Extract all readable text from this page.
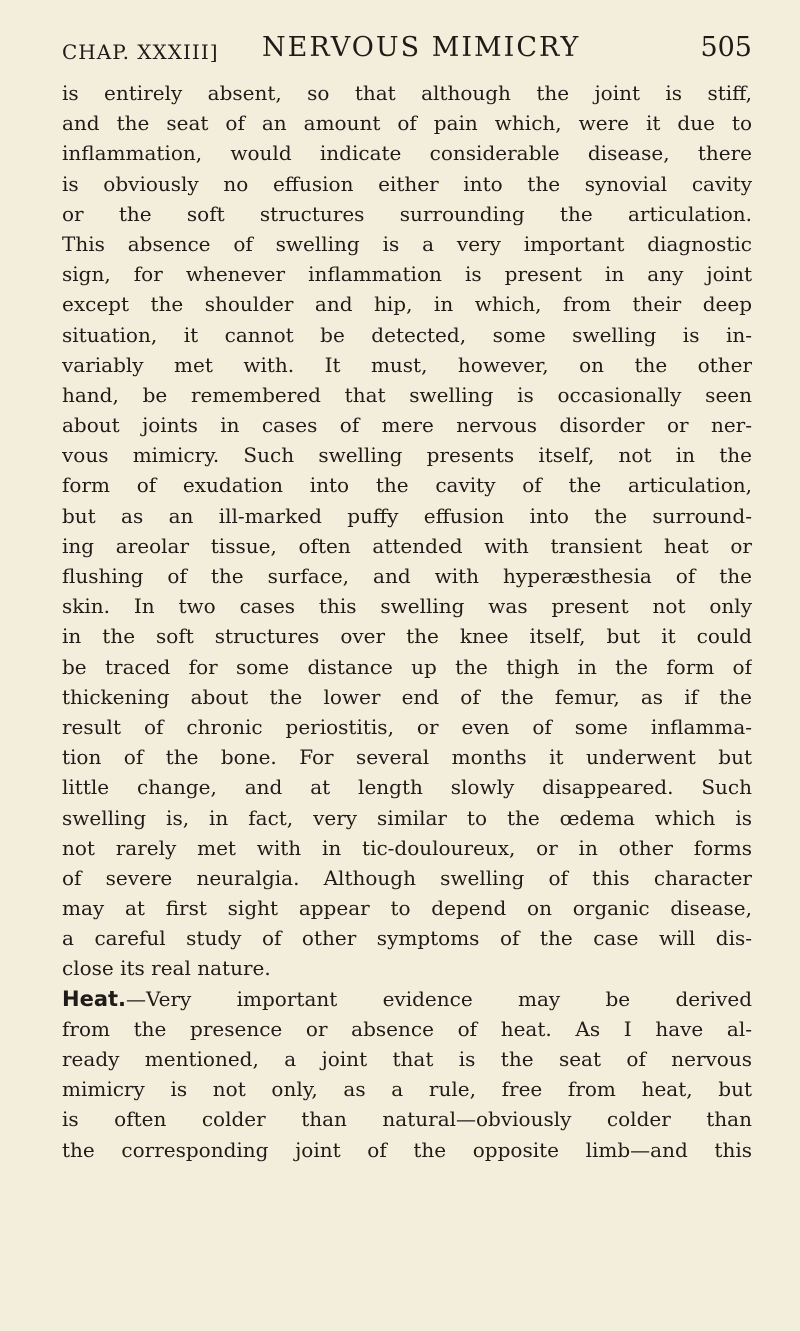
CHAP. XXXIII] NERVOUS MIMICRY	505
is entirely absent, so that although the joint is stiff,
and the seat of an amount of pain which, were it due to
inflammation, would indicate considerable disease, there
is obviously no effusion either into the synovial cavity
or the soft structures surrounding the articulation.
This absence of swelling is a very important diagnostic
sign, for whenever inflammation is present in any joint
except the shoulder and hip, in which, from their deep
situation, it cannot be detected, some swelling is in-
variably met with. It must, however, on the other
hand, be remembered that swelling is occasionally seen
about joints in cases of mere nervous disorder or ner-
vous mimicry. Such swelling presents itself, not in the
form of exudation into the cavity of the articulation,
but as an ill-marked puffy effusion into the surround-
ing areolar tissue, often attended with transient heat or
flushing of the surface, and with hyperæsthesia of the
skin. In two cases this swelling was present not only
in the soft structures over the knee itself, but it could
be traced for some distance up the thigh in the form of
thickening about the lower end of the femur, as if the
result of chronic periostitis, or even of some inflamma-
tion of the bone. For several months it underwent but
little change, and at length slowly disappeared. Such
swelling is, in fact, very similar to the œdema which is
not rarely met with in tic-douloureux, or in other forms
of severe neuralgia. Although swelling of this character
may at first sight appear to depend on organic disease,
a careful study of other symptoms of the case will dis-
close its real nature.
Heat.—Very important evidence may be derived
from the presence or absence of heat. As I have al-
ready mentioned, a joint that is the seat of nervous
mimicry is not only, as a rule, free from heat, but
is often colder than natural—obviously colder than
the corresponding joint of the opposite limb—and this
